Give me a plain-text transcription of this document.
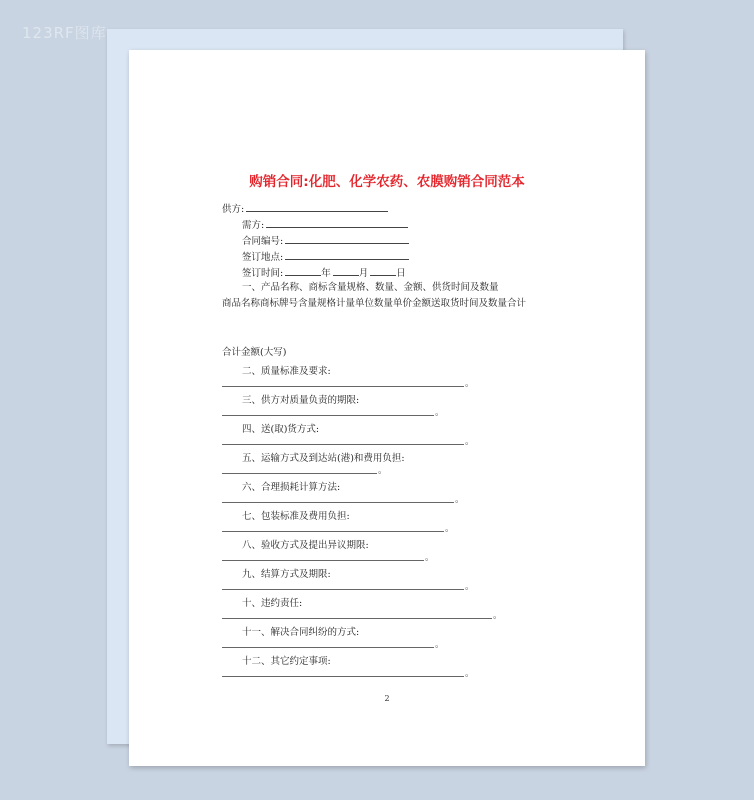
123RF图库
购销合同:化肥、化学农药、农膜购销合同范本
供方:
需方:
合同编号:
签订地点:
签订时间:	年	月	日
一、产品名称、商标含量规格、数量、金额、供货时间及数量
商品名称商标牌号含量规格计量单位数量单价金额送取货时间及数量合计
合计金额(大写)
二、质量标准及要求:
。
三、供方对质量负责的期限:
。
四、送(取)货方式:
。
五、运输方式及到达站(港)和费用负担:
。
六、合理损耗计算方法:
。
七、包装标准及费用负担:
。
八、验收方式及提出异议期限:
。
九、结算方式及期限:
。
十、违约责任:
。
十一、解决合同纠纷的方式:
。
十二、其它约定事项:
。
2
